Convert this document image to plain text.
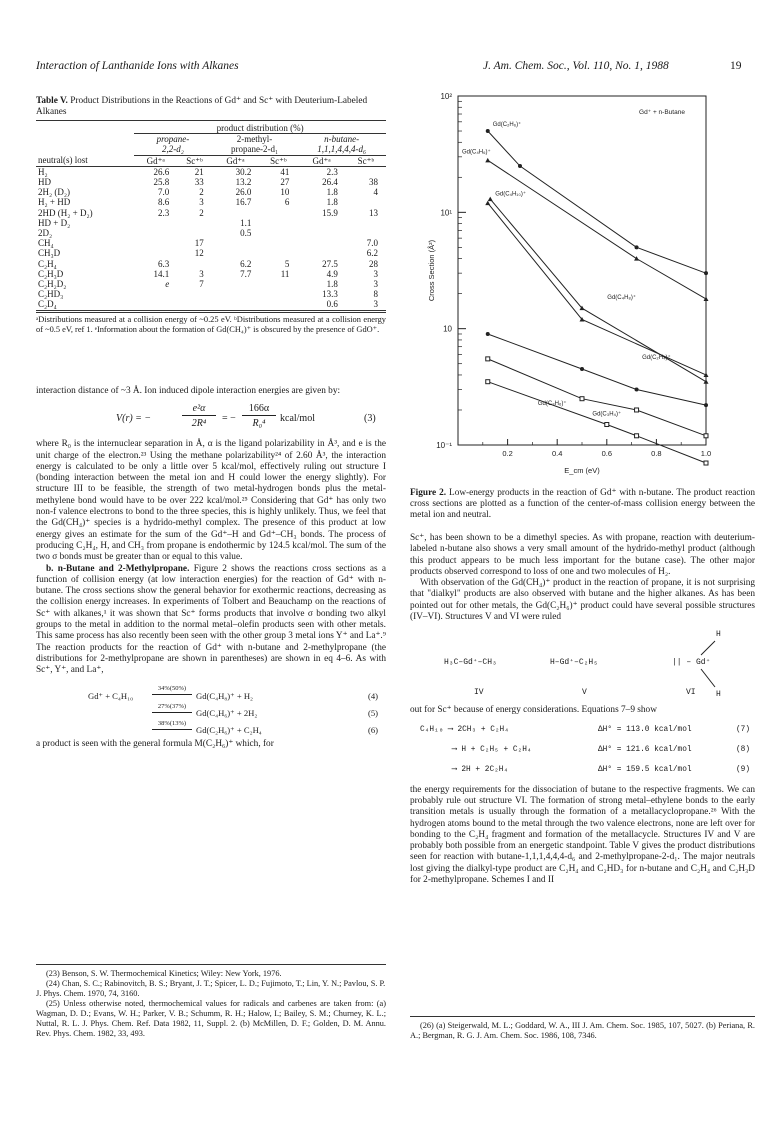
Interaction of Lanthanide Ions with Alkanes	J. Am. Chem. Soc., Vol. 110, No. 1, 1988	19
Table V. Product Distributions in the Reactions of Gd⁺ and Sc⁺ with Deuterium-Labeled Alkanes
	product distribution (%)					
	propane-
2,2-d₂		2-methyl-
propane-2-d₁		n-butane-
1,1,1,4,4,4-d₆	
neutral(s) lost	Gd⁺ᵃ	Sc⁺ᵇ	Gd⁺ᵃ	Sc⁺ᵇ	Gd⁺ᵃ	Sc⁺ᵇ
H₂	26.6	21	30.2	41	2.3	
HD	25.8	33	13.2	27	26.4	38
2H₂ (D₂)	7.0	2	26.0	10	1.8	4
H₂ + HD	8.6	3	16.7	6	1.8	
2HD (H₂ + D₂)	2.3	2			15.9	13
HD + D₂			1.1			
2D₂			0.5			
CH₄		17				7.0
CH₃D		12				6.2
C₂H₄	6.3		6.2	5	27.5	28
C₂H₃D	14.1	3	7.7	11	4.9	3
C₂H₂D₂	e	7			1.8	3
C₂HD₃					13.3	8
C₂D₄					0.6	3
ᵃDistributions measured at a collision energy of ~0.25 eV. ᵇDistributions measured at a collision energy of ~0.5 eV, ref 1. ᵉInformation about the formation of Gd(CH₄)⁺ is obscured by the presence of GdO⁺.

interaction distance of ~3 Å. Ion induced dipole interaction energies are given by:

V(r) = −
e²α
2R⁴	= −
166α
R₀⁴	kcal/mol	(3)

where R₀ is the internuclear separation in Å, α is the ligand polarizability in Å³, and e is the unit charge of the electron.²³ Using the methane polarizability²⁴ of 2.60 Å³, the interaction energy is calculated to be only a little over 5 kcal/mol, effectively ruling out structure I (bonding interaction between the metal ion and H could lower the energy slightly). For structure III to be feasible, the strength of two metal-hydrogen bonds plus the metal-methylene bond would have to be over 222 kcal/mol.²⁵ Considering that Gd⁺ has only two non-f valence electrons to bond to the three species, this is highly unlikely. Thus, we feel that the Gd(CH₄)⁺ species is a hydrido-methyl complex. The presence of this product at low energy gives an estimate for the sum of the Gd⁺–H and Gd⁺–CH₃ bonds. The process of producing C₂H₄, H, and CH₃ from propane is endothermic by 124.5 kcal/mol. The sum of the two σ bonds must be greater than or equal to this value.

b. n-Butane and 2-Methylpropane. Figure 2 shows the reactions cross sections as a function of collision energy (at low interaction energies) for the reaction of Gd⁺ with n-butane. The cross sections show the general behavior for exothermic reactions, decreasing as the collision energy increases. In experiments of Tolbert and Beauchamp on the reactions of Sc⁺ with alkanes,¹ it was shown that Sc⁺ forms products that involve σ bonding two alkyl groups to the metal in addition to the normal metal–olefin products seen with other metals. This same process has also recently been seen with the other group 3 metal ions Y⁺ and La⁺.⁹ The reaction products for the reaction of Gd⁺ with n-butane and 2-methylpropane (the distributions for 2-methylpropane are shown in parentheses) are shown in eq 4–6. As with Sc⁺, Y⁺, and La⁺,

Gd⁺ + C₄H₁₀
34%(50%)
Gd(C₄H₈)⁺ + H₂	(4)
27%(37%)
Gd(C₄H₆)⁺ + 2H₂	(5)
38%(13%)
Gd(C₂H₆)⁺ + C₂H₄	(6)

a product is seen with the general formula M(C₂H₆)⁺ which, for

(23) Benson, S. W. Thermochemical Kinetics; Wiley: New York, 1976.
(24) Chan, S. C.; Rabinovitch, B. S.; Bryant, J. T.; Spicer, L. D.; Fujimoto, T.; Lin, Y. N.; Pavlou, S. P. J. Phys. Chem. 1970, 74, 3160.
(25) Unless otherwise noted, thermochemical values for radicals and carbenes are taken from: (a) Wagman, D. D.; Evans, W. H.; Parker, V. B.; Schumm, R. H.; Halow, I.; Bailey, S. M.; Churney, K. L.; Nuttal, R. L. J. Phys. Chem. Ref. Data 1982, 11, Suppl. 2. (b) McMillen, D. F.; Golden, D. M. Annu. Rev. Phys. Chem. 1982, 33, 493.
10²
10¹
10
10⁻¹
0.2	0.4	0.6	0.8	1.0
E_cm (eV)
Cross Section (Å²)
Gd⁺ + n-Butane
Gd(C₂H₆)⁺
Gd(C₄H₆)⁺
Gd(C₄H₁₀)⁺
Gd(C₄H₈)⁺
Gd(C₂H₄)⁺
Gd(C₃H₆)⁺
Gd(C₃H₄)⁺
Figure 2. Low-energy products in the reaction of Gd⁺ with n-butane. The product reaction cross sections are plotted as a function of the center-of-mass collision energy between the metal ion and neutral.

Sc⁺, has been shown to be a dimethyl species. As with propane, reaction with deuterium-labeled n-butane also shows a very small amount of the hydrido-methyl product (although this product appears to be much less important for the butane case). The other major products observed correspond to loss of one and two molecules of H₂.

With observation of the Gd(CH₄)⁺ product in the reaction of propane, it is not surprising that "dialkyl" products are also observed with butane and the higher alkanes. As has been pointed out for other metals, the Gd(C₂H₆)⁺ product could have several possible structures (IV–VI). Structures V and VI were ruled

H₃C–Gd⁺–CH₃	H–Gd⁺–C₂H₅	|| – Gd⁺
H
H
IV	V	VI

out for Sc⁺ because of energy considerations. Equations 7–9 show

C₄H₁₀ ⟶ 2CH₃ + C₂H₄	ΔH° = 113.0 kcal/mol	(7)
⟶ H + C₂H₅ + C₂H₄	ΔH° = 121.6 kcal/mol	(8)
⟶ 2H + 2C₂H₄	ΔH° = 159.5 kcal/mol	(9)

the energy requirements for the dissociation of butane to the respective fragments. We can probably rule out structure VI. The formation of strong metal–ethylene bonds to the early transition metals is usually through the formation of a metallacyclopropane.²⁶ With the hydrogen atoms bound to the metal through the two valence electrons, none are left over for bonding to the C₂H₄ fragment and formation of the metallacycle. Structures IV and V are probably both possible from an energetic standpoint. Table V gives the product distributions seen for reaction with butane-1,1,1,4,4,4-d₆ and 2-methylpropane-2-d₁. The major neutrals lost giving the dialkyl-type product are C₂H₄ and C₂HD₃ for n-butane and C₂H₄ and C₂H₃D for 2-methylpropane. Schemes I and II

(26) (a) Steigerwald, M. L.; Goddard, W. A., III J. Am. Chem. Soc. 1985, 107, 5027. (b) Periana, R. A.; Bergman, R. G. J. Am. Chem. Soc. 1986, 108, 7346.
